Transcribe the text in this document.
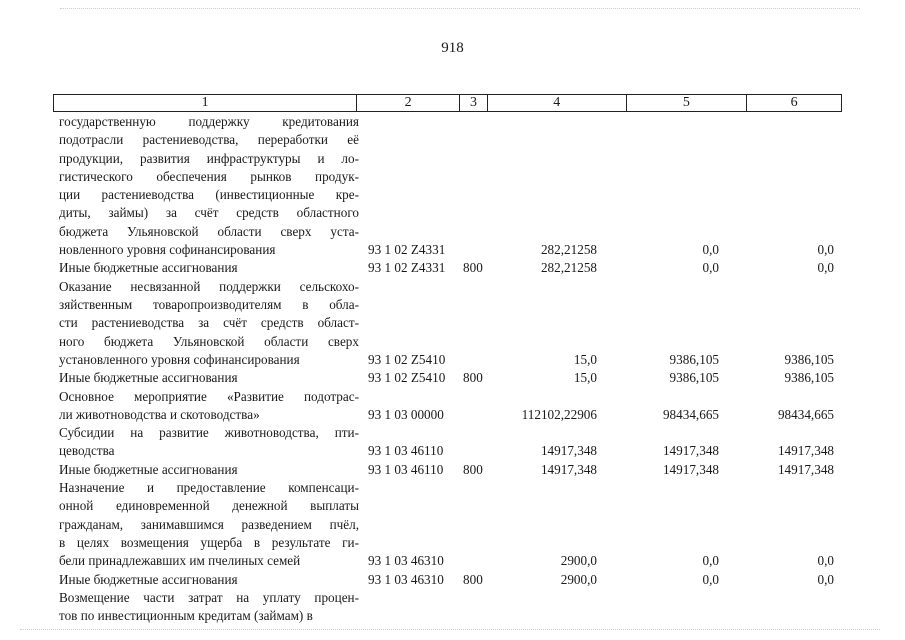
918
1	2	3	4	5	6
государственную поддержку кредитования
подотрасли растениеводства, переработки её
продукции, развития инфраструктуры и ло-
гистического обеспечения рынков продук-
ции растениеводства (инвестиционные кре-
диты, займы) за счёт средств областного
бюджета Ульяновской области сверх уста-
новленного уровня софинансирования	93 1 02 Z4331	282,21258	0,0	0,0
Иные бюджетные ассигнования	93 1 02 Z4331 800	282,21258	0,0	0,0
Оказание несвязанной поддержки сельскохо-
зяйственным товаропроизводителям в обла-
сти растениеводства за счёт средств област-
ного бюджета Ульяновской области сверх
установленного уровня софинансирования	93 1 02 Z5410	15,0	9386,105	9386,105
Иные бюджетные ассигнования	93 1 02 Z5410 800	15,0	9386,105	9386,105
Основное мероприятие «Развитие подотрас-
ли животноводства и скотоводства»	93 1 03 00000	112102,22906	98434,665	98434,665
Субсидии на развитие животноводства, пти-
цеводства	93 1 03 46110	14917,348	14917,348	14917,348
Иные бюджетные ассигнования	93 1 03 46110 800	14917,348	14917,348	14917,348
Назначение и предоставление компенсаци-
онной единовременной денежной выплаты
гражданам, занимавшимся разведением пчёл,
в целях возмещения ущерба в результате ги-
бели принадлежавших им пчелиных семей	93 1 03 46310	2900,0	0,0	0,0
Иные бюджетные ассигнования	93 1 03 46310 800	2900,0	0,0	0,0
Возмещение части затрат на уплату процен-
тов по инвестиционным кредитам (займам) в
